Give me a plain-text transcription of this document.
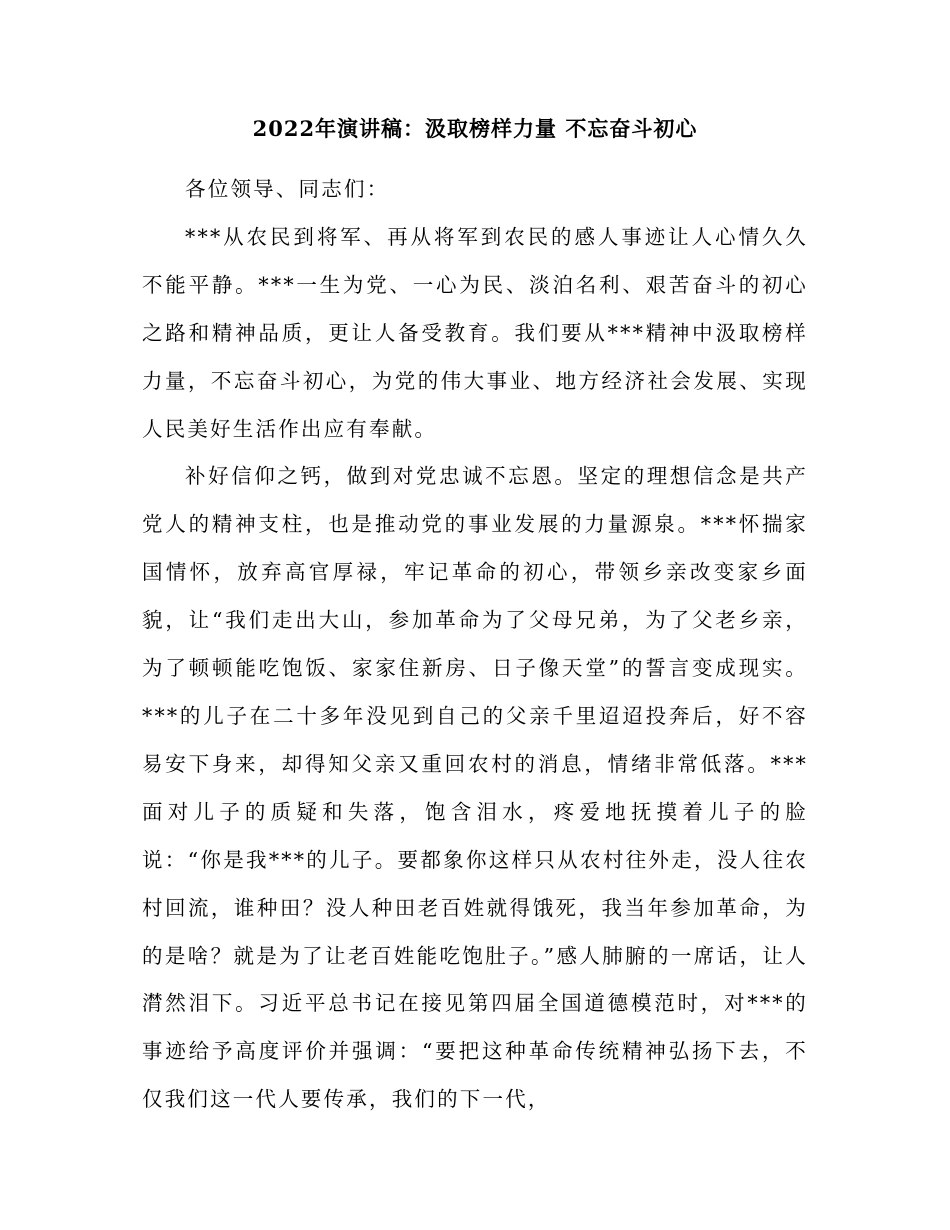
2022年演讲稿：汲取榜样力量 不忘奋斗初心

各位领导、同志们：

***从农民到将军、再从将军到农民的感人事迹让人心情久久不能平静。***一生为党、一心为民、淡泊名利、艰苦奋斗的初心之路和精神品质，更让人备受教育。我们要从***精神中汲取榜样力量，不忘奋斗初心，为党的伟大事业、地方经济社会发展、实现人民美好生活作出应有奉献。

补好信仰之钙，做到对党忠诚不忘恩。坚定的理想信念是共产党人的精神支柱，也是推动党的事业发展的力量源泉。***怀揣家国情怀，放弃高官厚禄，牢记革命的初心，带领乡亲改变家乡面貌，让“我们走出大山，参加革命为了父母兄弟，为了父老乡亲，为了顿顿能吃饱饭、家家住新房、日子像天堂”的誓言变成现实。***的儿子在二十多年没见到自己的父亲千里迢迢投奔后，好不容易安下身来，却得知父亲又重回农村的消息，情绪非常低落。***面对儿子的质疑和失落，饱含泪水，疼爱地抚摸着儿子的脸说：“你是我***的儿子。要都象你这样只从农村往外走，没人往农村回流，谁种田？没人种田老百姓就得饿死，我当年参加革命，为的是啥？就是为了让老百姓能吃饱肚子。”感人肺腑的一席话，让人潸然泪下。习近平总书记在接见第四届全国道德模范时，对***的事迹给予高度评价并强调：“要把这种革命传统精神弘扬下去，不仅我们这一代人要传承，我们的下一代，
